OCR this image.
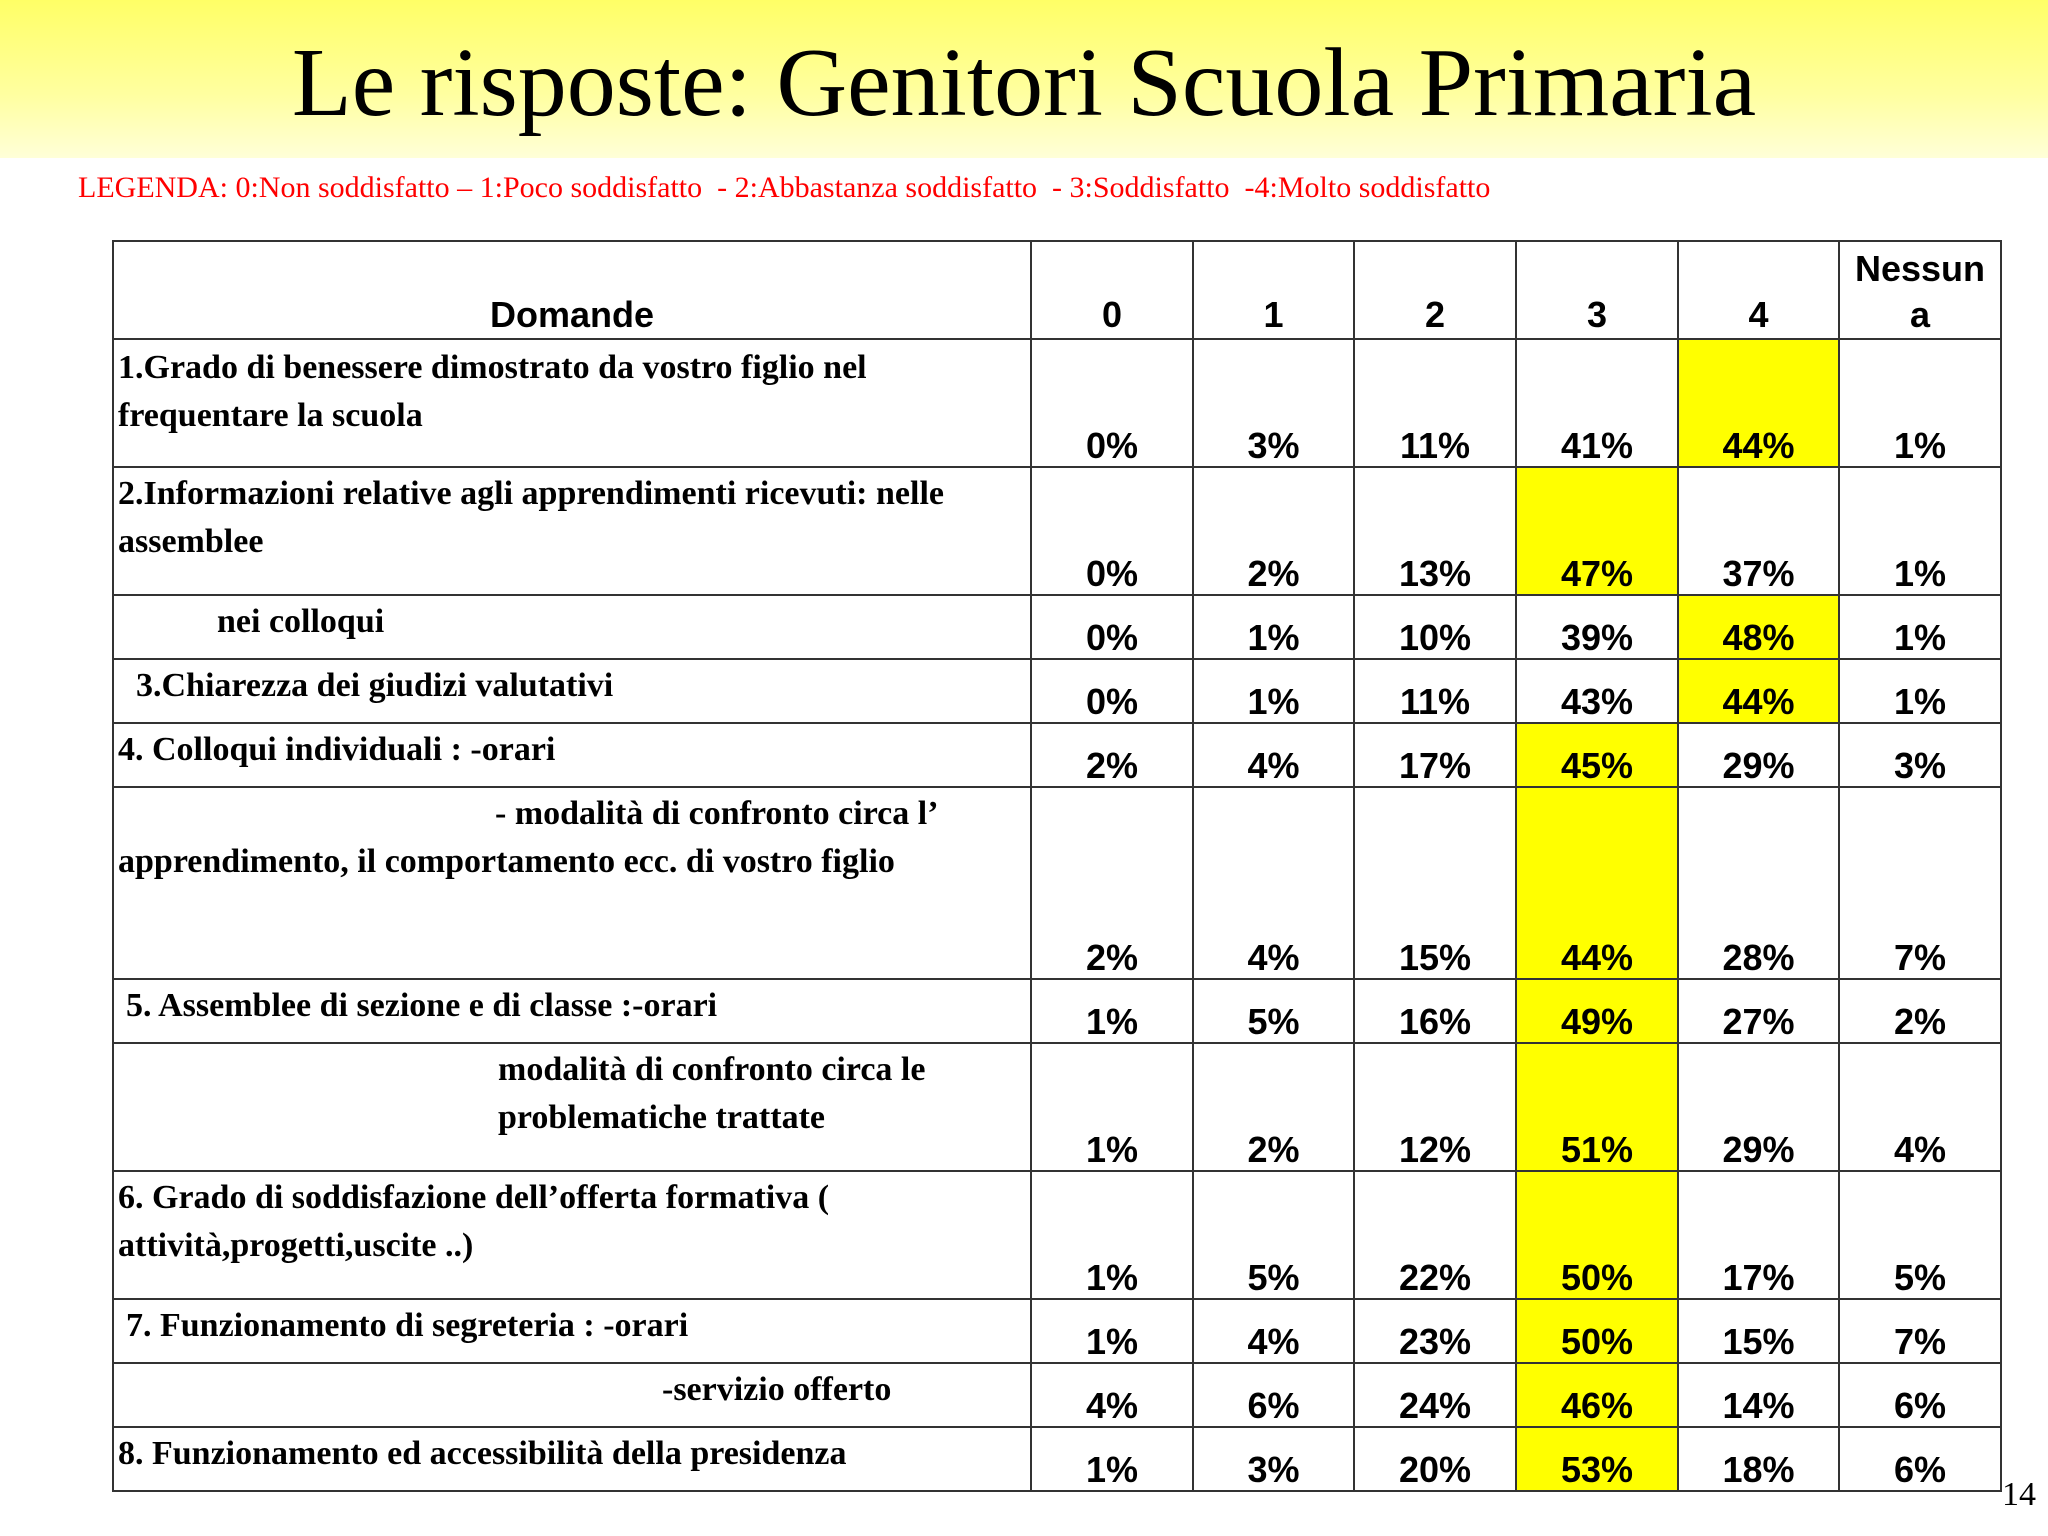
Le risposte: Genitori Scuola Primaria
LEGENDA: 0:Non soddisfatto – 1:Poco soddisfatto  - 2:Abbastanza soddisfatto  - 3:Soddisfatto  -4:Molto soddisfatto
Domande	0	1	2	3	4	Nessun
a
1.Grado di benessere dimostrato da vostro figlio nel frequentare la scuola	0%	3%	11%	41%	44%	1%
2.Informazioni relative agli apprendimenti ricevuti: nelle assemblee	0%	2%	13%	47%	37%	1%
nei colloqui	0%	1%	10%	39%	48%	1%
3.Chiarezza dei giudizi valutativi	0%	1%	11%	43%	44%	1%
4. Colloqui individuali : -orari	2%	4%	17%	45%	29%	3%
- modalità di confronto circa l’ apprendimento, il comportamento ecc. di vostro figlio	2%	4%	15%	44%	28%	7%
5. Assemblee di sezione e di classe :-orari	1%	5%	16%	49%	27%	2%
modalità di confronto circa le problematiche trattate	1%	2%	12%	51%	29%	4%
6. Grado di soddisfazione dell’offerta formativa ( attività,progetti,uscite ..)	1%	5%	22%	50%	17%	5%
7. Funzionamento di segreteria : -orari	1%	4%	23%	50%	15%	7%
-servizio offerto	4%	6%	24%	46%	14%	6%
8. Funzionamento ed accessibilità della presidenza	1%	3%	20%	53%	18%	6%
14
